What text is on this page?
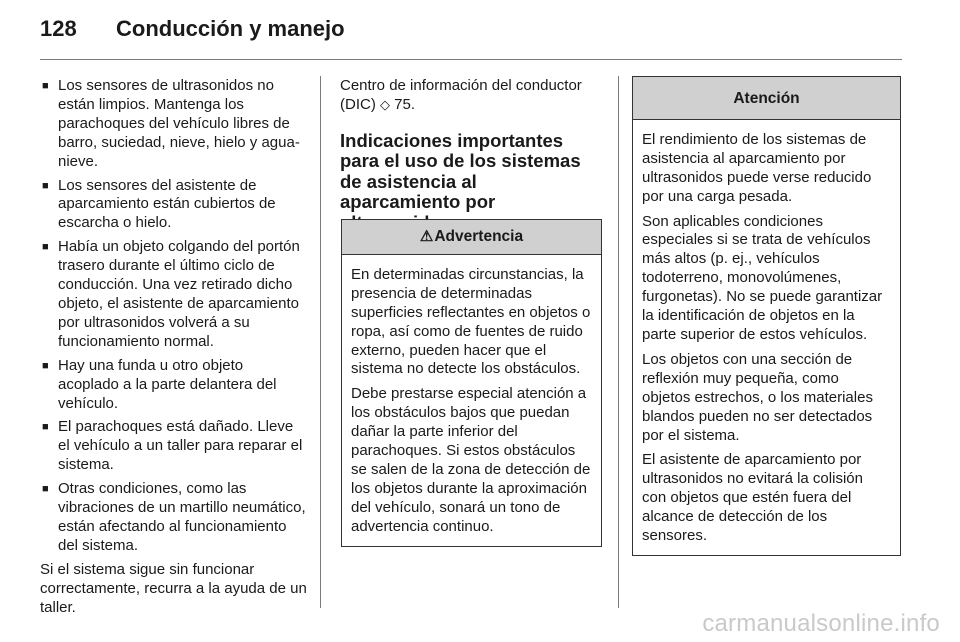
128	Conducción y manejo
■ Los sensores de ultrasonidos no están limpios. Mantenga los parachoques del vehículo libres de barro, suciedad, nieve, hielo y agua-nieve.
■ Los sensores del asistente de aparcamiento están cubiertos de escarcha o hielo.
■ Había un objeto colgando del portón trasero durante el último ciclo de conducción. Una vez retirado dicho objeto, el asistente de aparcamiento por ultrasonidos volverá a su funcionamiento normal.
■ Hay una funda u otro objeto acoplado a la parte delantera del vehículo.
■ El parachoques está dañado. Lleve el vehículo a un taller para reparar el sistema.
■ Otras condiciones, como las vibraciones de un martillo neumático, están afectando al funcionamiento del sistema.

Si el sistema sigue sin funcionar correctamente, recurra a la ayuda de un taller.

Centro de información del conductor (DIC) ◇ 75.

Indicaciones importantes para el uso de los sistemas de asistencia al aparcamiento por
⚠Advertencia

En determinadas circunstancias, la presencia de determinadas superficies reflectantes en objetos o ropa, así como de fuentes de ruido externo, pueden hacer que el sistema no detecte los obstáculos.

Debe prestarse especial atención a los obstáculos bajos que puedan dañar la parte inferior del parachoques. Si estos obstáculos se salen de la zona de detección de los objetos durante la aproximación del vehículo, sonará un tono de advertencia continuo.

Atención

El rendimiento de los sistemas de asistencia al aparcamiento por ultrasonidos puede verse reducido por una carga pesada.

Son aplicables condiciones especiales si se trata de vehículos más altos (p. ej., vehículos todoterreno, monovolúmenes, furgonetas). No se puede garantizar la identificación de objetos en la parte superior de estos vehículos.

Los objetos con una sección de reflexión muy pequeña, como objetos estrechos, o los materiales blandos pueden no ser detectados por el sistema.

El asistente de aparcamiento por ultrasonidos no evitará la colisión con objetos que estén fuera del alcance de detección de los sensores.

carmanualsonline.info
